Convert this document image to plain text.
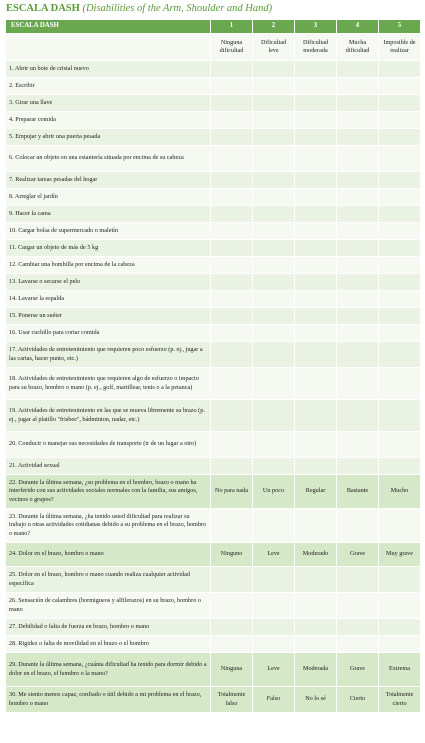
ESCALA DASH (Disabilities of the Arm, Shoulder and Hand)
ESCALA DASH	1	2	3	4	5
	Ninguna dificultad	Dificultad leve	Dificultad moderada	Mucha dificultad	Imposible de realizar
1. Abrir un bote de cristal nuevo					
2. Escribir					
3. Girar una llave					
4. Preparar comida					
5. Empujar y abrir una puerta pesada					
6. Colocar un objeto en una estantería situada por encima de su cabeza					
7. Realizar tareas pesadas del hogar					
8. Arreglar el jardín					
9. Hacer la cama					
10. Cargar bolsa de supermercado o maletín					
11. Cargar un objeto de más de 5 kg					
12. Cambiar una bombilla por encima de la cabeza					
13. Lavarse o secarse el pelo					
14. Lavarse la espalda					
15. Ponerse un suéter					
16. Usar cuchillo para cortar comida					
17. Actividades de entretenimiento que requieren poco esfuerzo (p. ej., jugar a las cartas, hacer punto, etc.)					
18. Actividades de entretenimiento que requieren algo de esfuerzo o impacto para su brazo, hombro o mano (p. ej., golf, martillear, tenis o a la petanca)					
19. Actividades de entretenimiento en las que se mueva libremente su brazo (p. ej., jugar al platillo "frisbee", bádminton, nadar, etc.)					
20. Conducir o manejar sus necesidades de transporte (ir de un lugar a otro)					
21. Actividad sexual					
22. Durante la última semana, ¿su problema en el hombro, brazo o mano ha interferido con sus actividades sociales normales con la familia, sus amigos, vecinos o grupos?	No para nada	Un poco	Regular	Bastante	Mucho
23. Durante la última semana, ¿ha tenido usted dificultad para realizar su trabajo u otras actividades cotidianas debido a su problema en el brazo, hombro o mano?					
24. Dolor en el brazo, hombro o mano	Ninguno	Leve	Moderado	Grave	Muy grave
25. Dolor en el brazo, hombro o mano cuando realiza cualquier actividad específica					
26. Sensación de calambres (hormigueos y alfilerazos) en su brazo, hombro o mano					
27. Debilidad o falta de fuerza en brazo, hombro o mano					
28. Rigidez o falta de movilidad en el brazo o el hombro					
29. Durante la última semana, ¿cuánta dificultad ha tenido para dormir debido a dolor en el brazo, el hombro o la mano?	Ninguna	Leve	Moderada	Grave	Extrema
30. Me siento menos capaz, confiado o útil debido a mi problema en el brazo, hombro o mano	Totalmente falso	Falso	No lo sé	Cierto	Totalmente cierto
